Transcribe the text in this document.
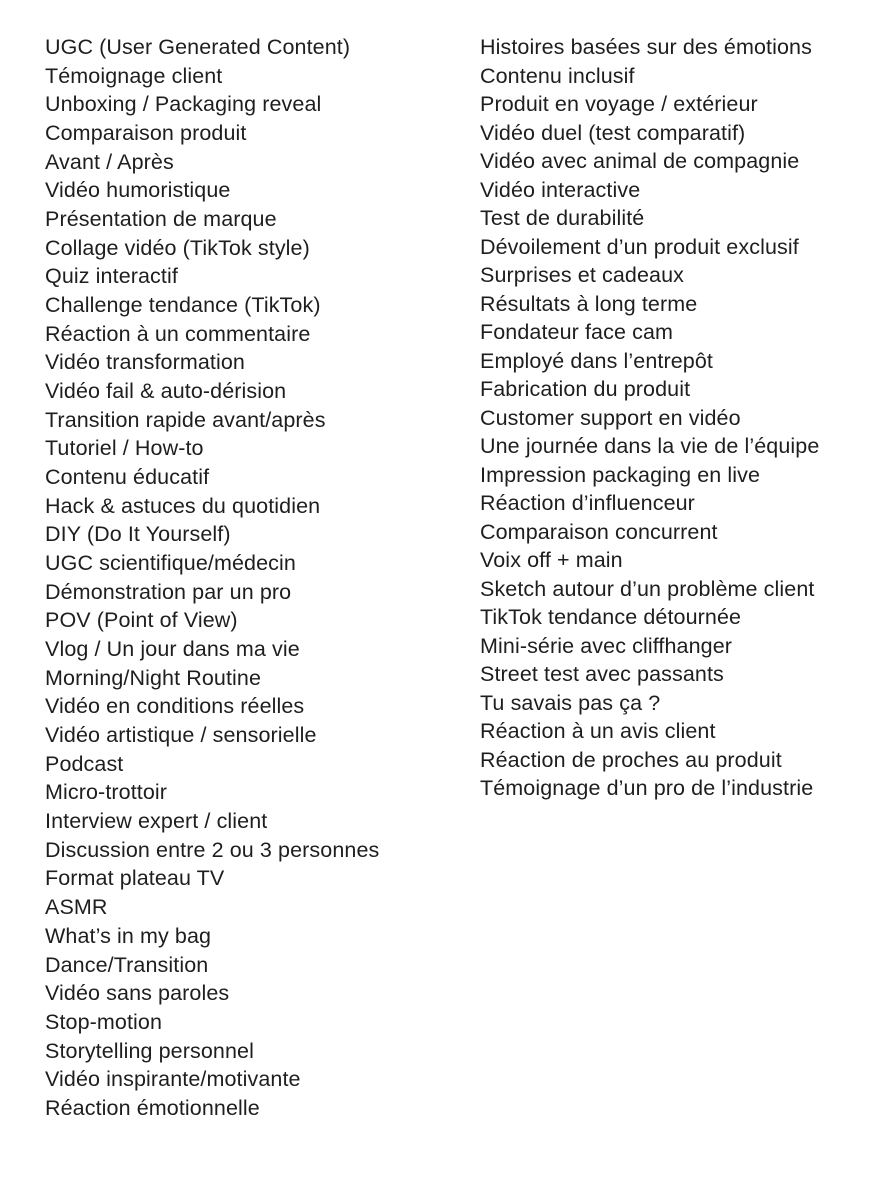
UGC (User Generated Content)
Témoignage client
Unboxing / Packaging reveal
Comparaison produit
Avant / Après
Vidéo humoristique
Présentation de marque
Collage vidéo (TikTok style)
Quiz interactif
Challenge tendance (TikTok)
Réaction à un commentaire
Vidéo transformation
Vidéo fail & auto-dérision
Transition rapide avant/après
Tutoriel / How-to
Contenu éducatif
Hack & astuces du quotidien
DIY (Do It Yourself)
UGC scientifique/médecin
Démonstration par un pro
POV (Point of View)
Vlog / Un jour dans ma vie
Morning/Night Routine
Vidéo en conditions réelles
Vidéo artistique / sensorielle
Podcast
Micro-trottoir
Interview expert / client
Discussion entre 2 ou 3 personnes
Format plateau TV
ASMR
What’s in my bag
Dance/Transition
Vidéo sans paroles
Stop-motion
Storytelling personnel
Vidéo inspirante/motivante
Réaction émotionnelle
Histoires basées sur des émotions
Contenu inclusif
Produit en voyage / extérieur
Vidéo duel (test comparatif)
Vidéo avec animal de compagnie
Vidéo interactive
Test de durabilité
Dévoilement d’un produit exclusif
Surprises et cadeaux
Résultats à long terme
Fondateur face cam
Employé dans l’entrepôt
Fabrication du produit
Customer support en vidéo
Une journée dans la vie de l’équipe
Impression packaging en live
Réaction d’influenceur
Comparaison concurrent
Voix off + main
Sketch autour d’un problème client
TikTok tendance détournée
Mini-série avec cliffhanger
Street test avec passants
Tu savais pas ça ?
Réaction à un avis client
Réaction de proches au produit
Témoignage d’un pro de l’industrie
